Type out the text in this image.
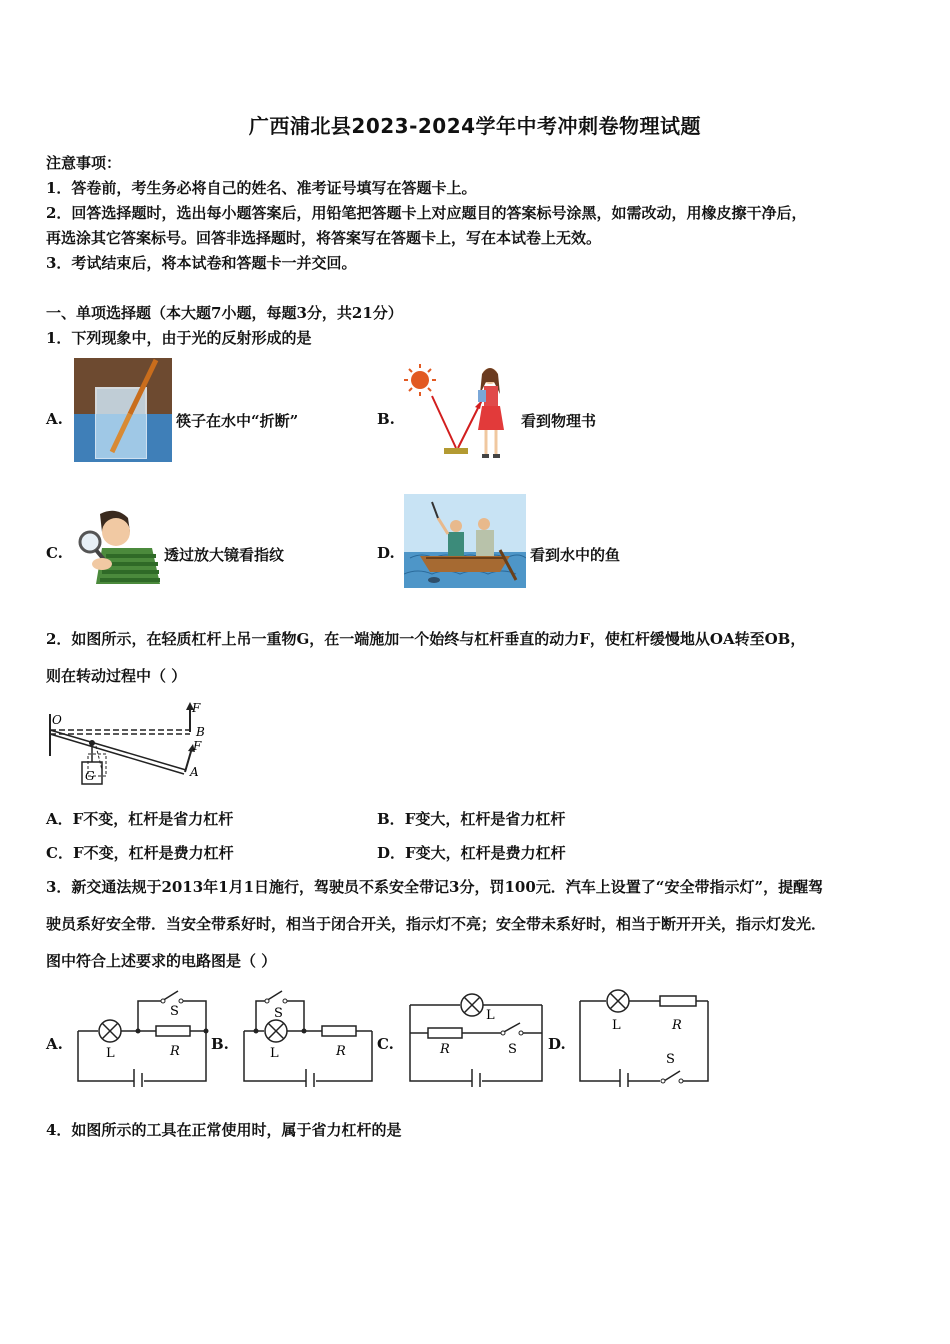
广西浦北县2023-2024学年中考冲刺卷物理试题
注意事项：
1．答卷前，考生务必将自己的姓名、准考证号填写在答题卡上。
2．回答选择题时，选出每小题答案后，用铅笔把答题卡上对应题目的答案标号涂黑，如需改动，用橡皮擦干净后，
再选涂其它答案标号。回答非选择题时，将答案写在答题卡上，写在本试卷上无效。
3．考试结束后，将本试卷和答题卡一并交回。
一、单项选择题（本大题7小题，每题3分，共21分）
1．下列现象中，由于光的反射形成的是
A.	筷子在水中“折断”	B.	看到物理书
C.	透过放大镜看指纹	D.	看到水中的鱼
2．如图所示，在轻质杠杆上吊一重物G，在一端施加一个始终与杠杆垂直的动力F，使杠杆缓慢地从OA转至OB，
则在转动过程中（ ）
O
B
A
F
F
G
A．F不变，杠杆是省力杠杆	B．F变大，杠杆是省力杠杆
C．F不变，杠杆是费力杠杆	D．F变大，杠杆是费力杠杆
3．新交通法规于2013年1月1日施行，驾驶员不系安全带记3分，罚100元．汽车上设置了“安全带指示灯”，提醒驾
驶员系好安全带．当安全带系好时，相当于闭合开关，指示灯不亮；安全带未系好时，相当于断开开关，指示灯发光．
图中符合上述要求的电路图是（ ）
A.
S
L	R B.
S
L	R C.
L
R	S D.
L	R
S
4．如图所示的工具在正常使用时，属于省力杠杆的是
